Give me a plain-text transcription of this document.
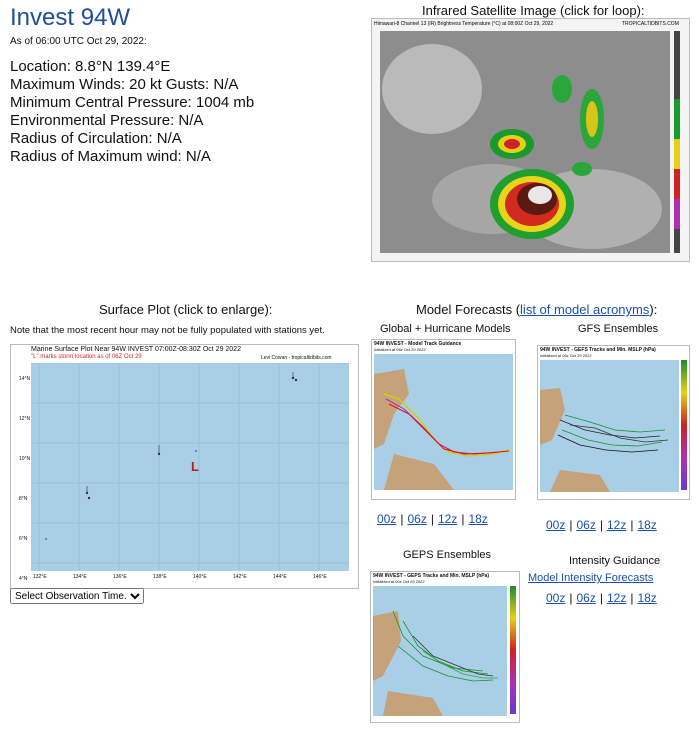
Invest 94W
As of 06:00 UTC Oct 29, 2022:
Location: 8.8°N 139.4°E
Maximum Winds: 20 kt Gusts: N/A
Minimum Central Pressure: 1004 mb
Environmental Pressure: N/A
Radius of Circulation: N/A
Radius of Maximum wind: N/A
Infrared Satellite Image (click for loop):
Himawari-8 Channel 13 (IR) Brightness Temperature (°C) at 08:00Z Oct 29, 2022	TROPICALTIDBITS.COM
Surface Plot (click to enlarge):
Note that the most recent hour may not be fully populated with stations yet.
Marine Surface Plot Near 94W INVEST 07:00Z-08:30Z Oct 29 2022
"L" marks storm location as of 06Z Oct 29	Levi Cowan - tropicaltidbits.com
L
14°N
12°N
10°N
8°N
6°N
4°N	132°E	134°E	136°E	138°E	140°E	142°E	144°E	146°E
Select Observation Time...
Model Forecasts (list of model acronyms):
Global + Hurricane Models
94W INVEST - Model Track Guidance
Initialized at 06z Oct 29 2022
00z | 06z | 12z | 18z
GFS Ensembles
94W INVEST - GEFS Tracks and Min. MSLP (hPa)
Initialized at 06z Oct 29 2022
00z | 06z | 12z | 18z
GEPS Ensembles
94W INVEST - GEPS Tracks and Min. MSLP (hPa)
Initialized at 00z Oct 29 2022
Intensity Guidance
Model Intensity Forecasts
00z | 06z | 12z | 18z
